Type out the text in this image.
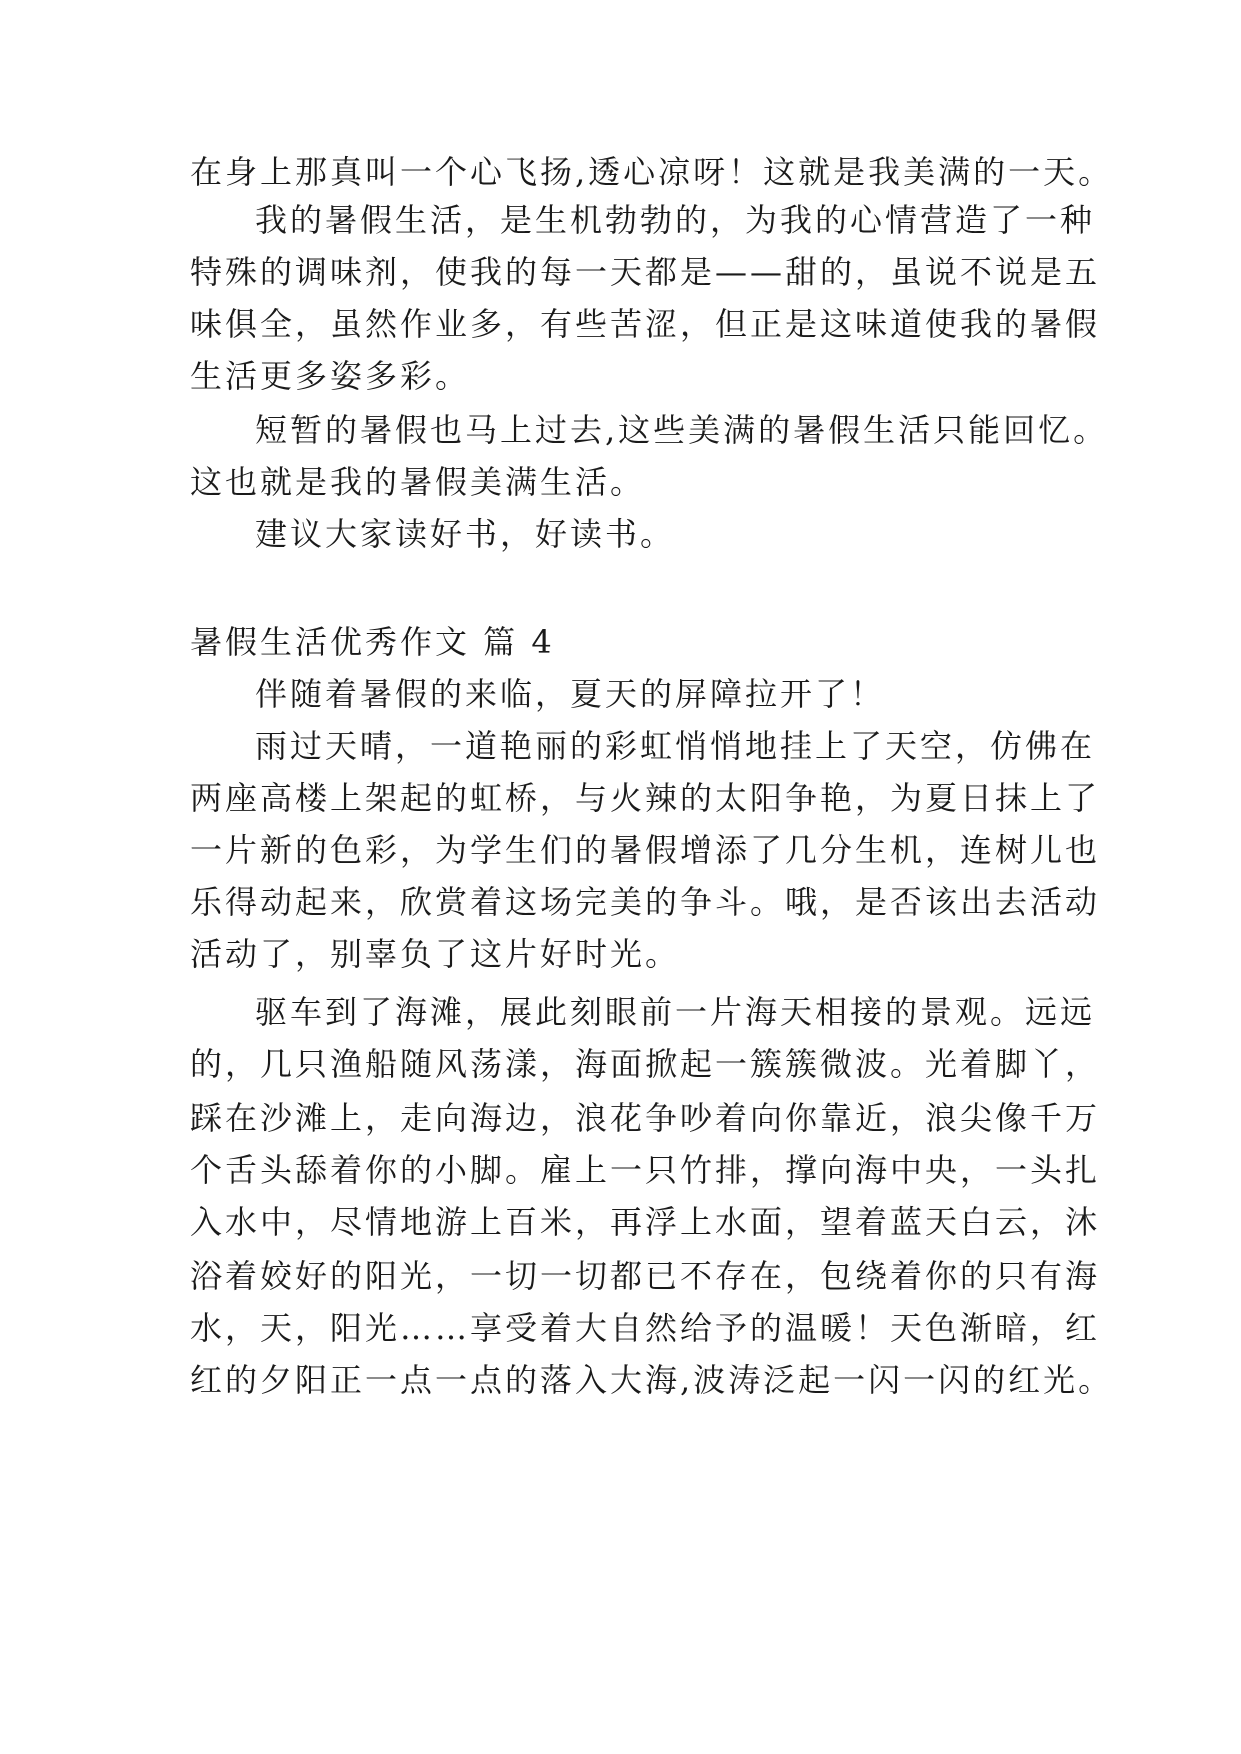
在身上那真叫一个心飞扬,透心凉呀！这就是我美满的一天。
我的暑假生活，是生机勃勃的，为我的心情营造了一种
特殊的调味剂，使我的每一天都是——甜的，虽说不说是五
味俱全，虽然作业多，有些苦涩，但正是这味道使我的暑假
生活更多姿多彩。
短暂的暑假也马上过去,这些美满的暑假生活只能回忆。
这也就是我的暑假美满生活。
建议大家读好书，好读书。
暑假生活优秀作文 篇 4
伴随着暑假的来临，夏天的屏障拉开了！
雨过天晴，一道艳丽的彩虹悄悄地挂上了天空，仿佛在
两座高楼上架起的虹桥，与火辣的太阳争艳，为夏日抹上了
一片新的色彩，为学生们的暑假增添了几分生机，连树儿也
乐得动起来，欣赏着这场完美的争斗。哦，是否该出去活动
活动了，别辜负了这片好时光。
驱车到了海滩，展此刻眼前一片海天相接的景观。远远
的，几只渔船随风荡漾，海面掀起一簇簇微波。光着脚丫，
踩在沙滩上，走向海边，浪花争吵着向你靠近，浪尖像千万
个舌头舔着你的小脚。雇上一只竹排，撑向海中央，一头扎
入水中，尽情地游上百米，再浮上水面，望着蓝天白云，沐
浴着姣好的阳光，一切一切都已不存在，包绕着你的只有海
水，天，阳光……享受着大自然给予的温暖！天色渐暗，红
红的夕阳正一点一点的落入大海,波涛泛起一闪一闪的红光。
